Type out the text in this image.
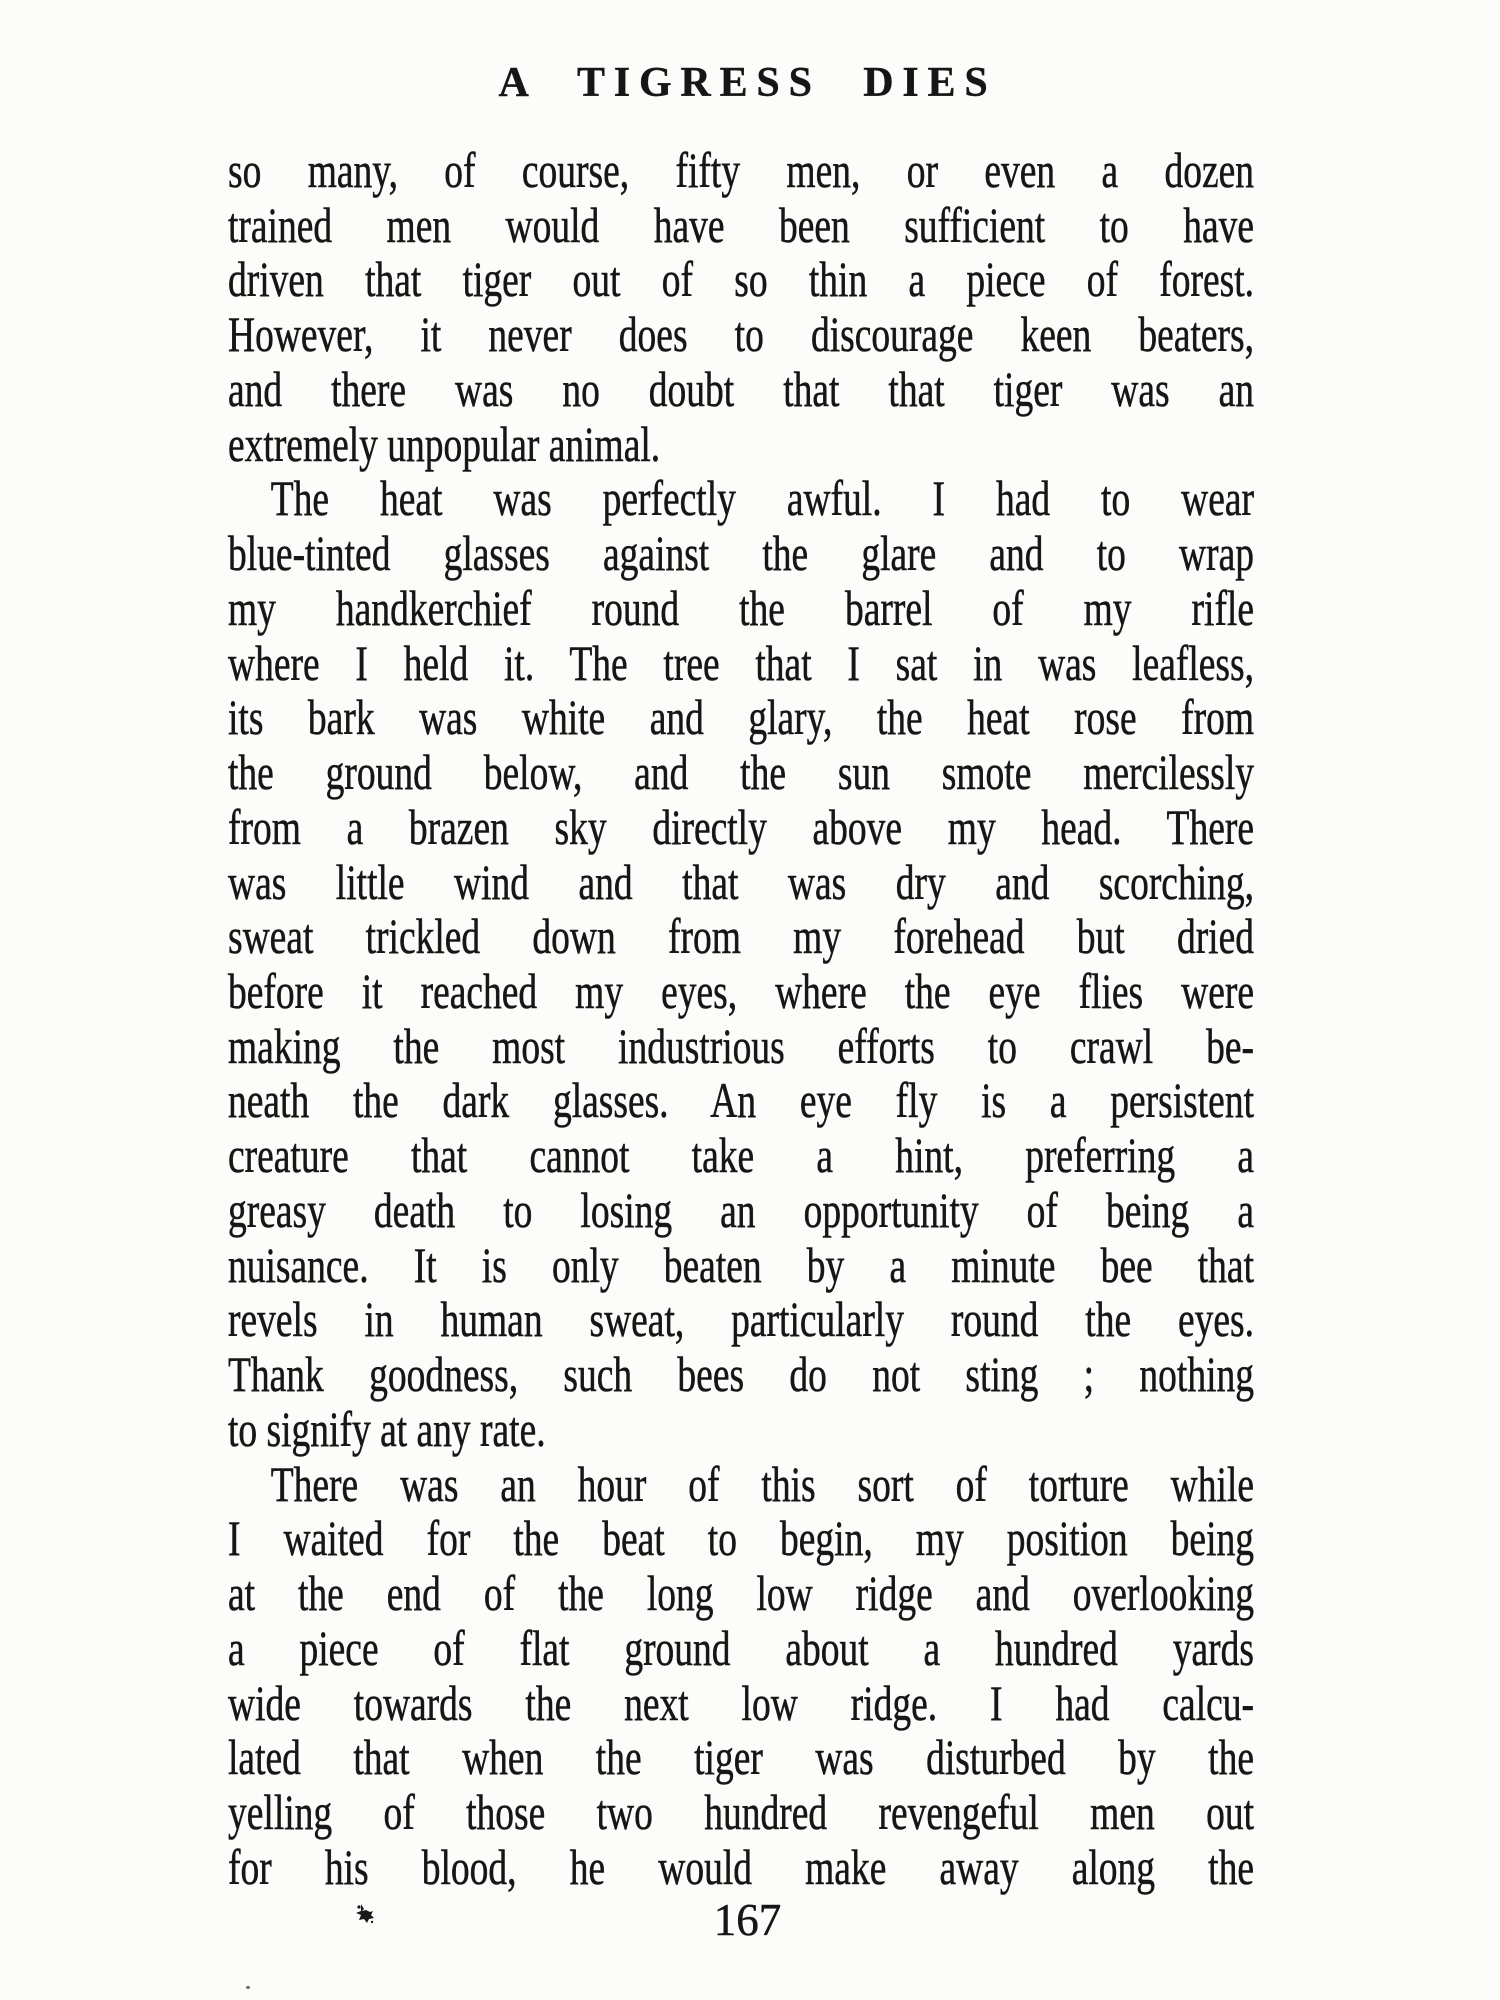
A TIGRESS DIES
so many, of course, fifty men, or even a dozen
trained men would have been sufficient to have
driven that tiger out of so thin a piece of forest.
However, it never does to discourage keen beaters,
and there was no doubt that that tiger was an
extremely unpopular animal.
The heat was perfectly awful. I had to wear
blue-tinted glasses against the glare and to wrap
my handkerchief round the barrel of my rifle
where I held it. The tree that I sat in was leafless,
its bark was white and glary, the heat rose from
the ground below, and the sun smote mercilessly
from a brazen sky directly above my head. There
was little wind and that was dry and scorching,
sweat trickled down from my forehead but dried
before it reached my eyes, where the eye flies were
making the most industrious efforts to crawl be-
neath the dark glasses. An eye fly is a persistent
creature that cannot take a hint, preferring a
greasy death to losing an opportunity of being a
nuisance. It is only beaten by a minute bee that
revels in human sweat, particularly round the eyes.
Thank goodness, such bees do not sting ; nothing
to signify at any rate.
There was an hour of this sort of torture while
I waited for the beat to begin, my position being
at the end of the long low ridge and overlooking
a piece of flat ground about a hundred yards
wide towards the next low ridge. I had calcu-
lated that when the tiger was disturbed by the
yelling of those two hundred revengeful men out
for his blood, he would make away along the
167
